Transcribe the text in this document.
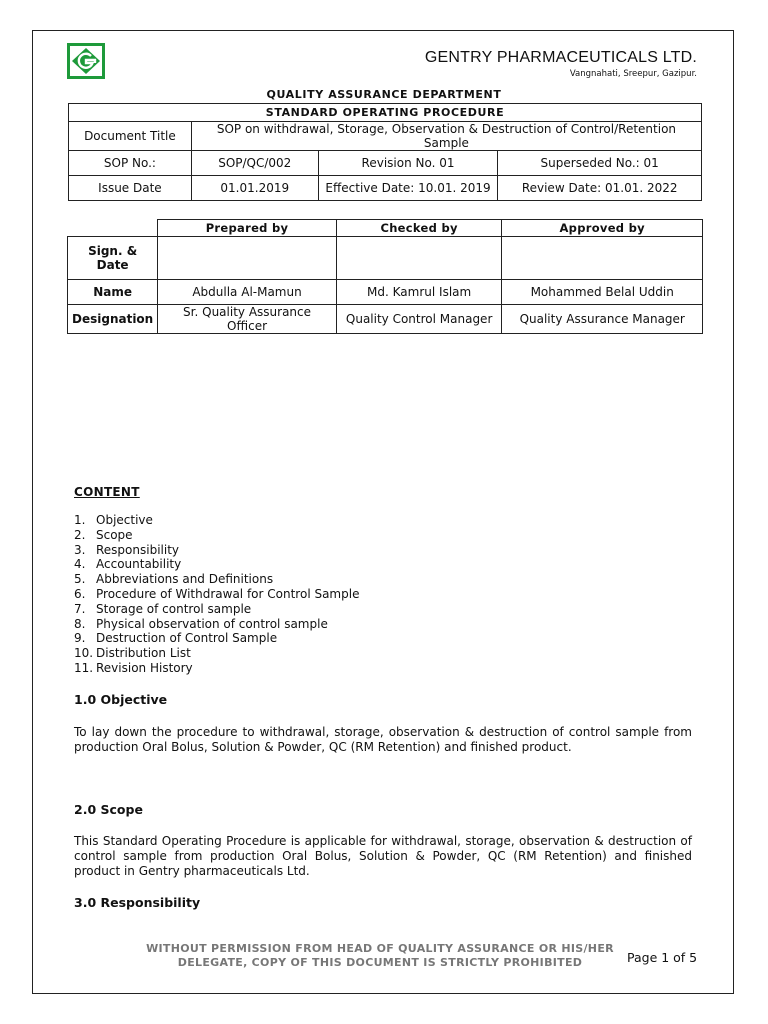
GENTRY PHARMACEUTICALS LTD.
Vangnahati, Sreepur, Gazipur.
QUALITY ASSURANCE DEPARTMENT
STANDARD OPERATING PROCEDURE			
Document Title	SOP on withdrawal, Storage, Observation & Destruction of Control/Retention Sample		
SOP No.:	SOP/QC/002	Revision No. 01	Superseded No.: 01
Issue Date	01.01.2019	Effective Date: 10.01. 2019	Review Date: 01.01. 2022
	Prepared by	Checked by	Approved by
Sign. & Date			
Name	Abdulla Al-Mamun	Md. Kamrul Islam	Mohammed Belal Uddin
Designation	Sr. Quality Assurance Officer	Quality Control Manager	Quality Assurance Manager
CONTENT
1. Objective
2. Scope
3. Responsibility
4. Accountability
5. Abbreviations and Definitions
6. Procedure of Withdrawal for Control Sample
7. Storage of control sample
8. Physical observation of control sample
9. Destruction of Control Sample
10. Distribution List
11. Revision History
1.0 Objective
To lay down the procedure to withdrawal, storage, observation & destruction of control sample from production Oral Bolus, Solution & Powder, QC (RM Retention) and finished product.
2.0 Scope
This Standard Operating Procedure is applicable for withdrawal, storage, observation & destruction of control sample from production Oral Bolus, Solution & Powder, QC (RM Retention) and finished product in Gentry pharmaceuticals Ltd.
3.0 Responsibility
WITHOUT PERMISSION FROM HEAD OF QUALITY ASSURANCE OR HIS/HER
DELEGATE, COPY OF THIS DOCUMENT IS STRICTLY PROHIBITED	Page 1 of 5
